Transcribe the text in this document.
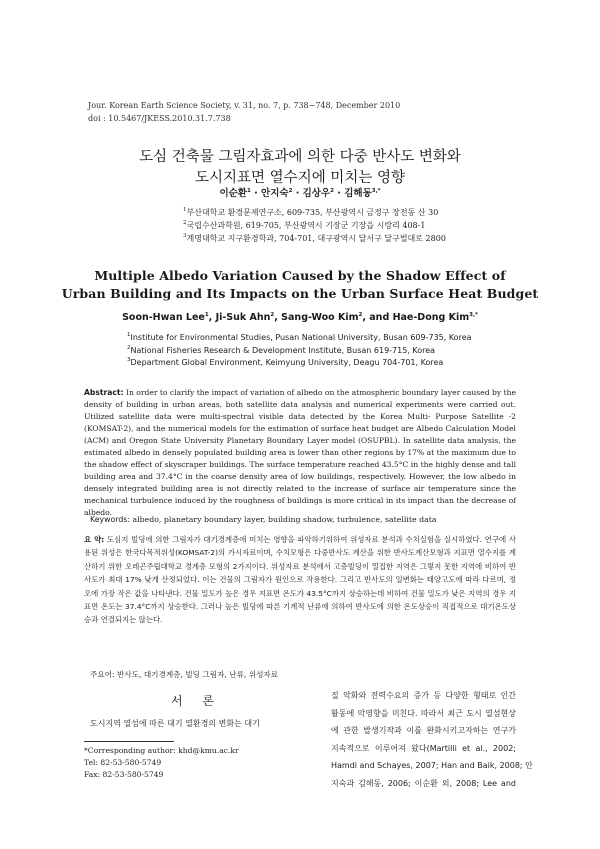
Jour. Korean Earth Science Society, v. 31, no. 7, p. 738−748, December 2010
doi : 10.5467/JKESS.2010.31.7.738
도심 건축물 그림자효과에 의한 다중 반사도 변화와
도시지표면 열수지에 미치는 영향
이순환$^1$ · 안지숙$^2$ · 김상우$^2$ · 김해동$^{3,*}$
$^1$부산대학교 환경문제연구소, 609-735, 부산광역시 금정구 장전동 산 30
$^2$국립수산과학원, 619-705, 부산광역시 기장군 기장읍 시랑리 408-1
$^3$계명대학교 지구환경학과, 704-701, 대구광역시 달서구 달구벌대로 2800
Multiple Albedo Variation Caused by the Shadow Effect of
Urban Building and Its Impacts on the Urban Surface Heat Budget
Soon-Hwan Lee$^1$, Ji-Suk Ahn$^2$, Sang-Woo Kim$^2$, and Hae-Dong Kim$^{3,*}$
$^1$Institute for Environmental Studies, Pusan National University, Busan 609-735, Korea
$^2$National Fisheries Research & Development Institute, Busan 619-715, Korea
$^3$Department Global Environment, Keimyung University, Deagu 704-701, Korea
Abstract: In order to clarify the impact of variation of albedo on the atmospheric boundary layer caused by the density of building in urban areas, both satellite data analysis and numerical experiments were carried out. Utilized satellite data were multi-spectral visible data detected by the Korea Multi- Purpose Satellite -2 (KOMSAT-2), and the numerical models for the estimation of surface heat budget are Albedo Calculation Model (ACM) and Oregon State University Planetary Boundary Layer model (OSUPBL). In satellite data analysis, the estimated albedo in densely populated building area is lower than other regions by 17% at the maximum due to the shadow effect of skyscraper buildings. The surface temperature reached 43.5°C in the highly dense and tall building area and 37.4°C in the coarse density area of low buildings, respectively. However, the low albedo in densely integrated building area is not directly related to the increase of surface air temperature since the mechanical turbulence induced by the roughness of buildings is more critical in its impact than the decrease of albedo.
Keywords: albedo, planetary boundary layer, building shadow, turbulence, satellite data
요 약: 도심지 빌딩에 의한 그림자가 대기경계층에 미치는 영향을 파악하기위하여 위성자료 분석과 수치실험을 실시하였다. 연구에 사용된 위성은 한국다목적위성(KOMSAT-2)의 가시자료이며, 수치모형은 다중반사도 계산을 위한 반사도계산모형과 지표면 열수지를 계산하기 위한 오레곤주립대학교 경계층 모형의 2가지이다. 위성자료 분석에서 고층빌딩이 밀집한 지역은 그렇지 못한 지역에 비하여 반사도가 최대 17% 낮게 산정되었다. 이는 건물의 그림자가 원인으로 작용한다. 그리고 반사도의 일변화는 태양고도에 따라 다르며, 정오에 가장 작은 값을 나타낸다. 건물 밀도가 높은 경우 지표면 온도가 43.5°C까지 상승하는데 비하여 건물 밀도가 낮은 지역의 경우 지표면 온도는 37.4°C까지 상승한다. 그러나 높은 빌딩에 따른 기계적 난류에 의하여 반사도에 의한 온도상승이 직접적으로 대기온도상승과 연결되지는 않는다.
주요어: 반사도, 대기경계층, 빌딩 그림자, 난류, 위성자료
서 론
도시지역 열섬에 따른 대기 열환경의 변화는 대기
*Corresponding author: khd@kmu.ac.kr
Tel: 82-53-580-5749
Fax: 82-53-580-5749
질 악화와 전력수요의 증가 등 다양한 형태로 인간
활동에 악영향을 미친다. 따라서 최근 도시 열섬현상
에 관한 발생기작과 이를 완화시키고자하는 연구가
지속적으로 이루어져 왔다(Martilli et al., 2002;
Hamdi and Schayes, 2007; Han and Baik, 2008; 안
지숙과 김해동, 2006; 이순환 외, 2008; Lee and
